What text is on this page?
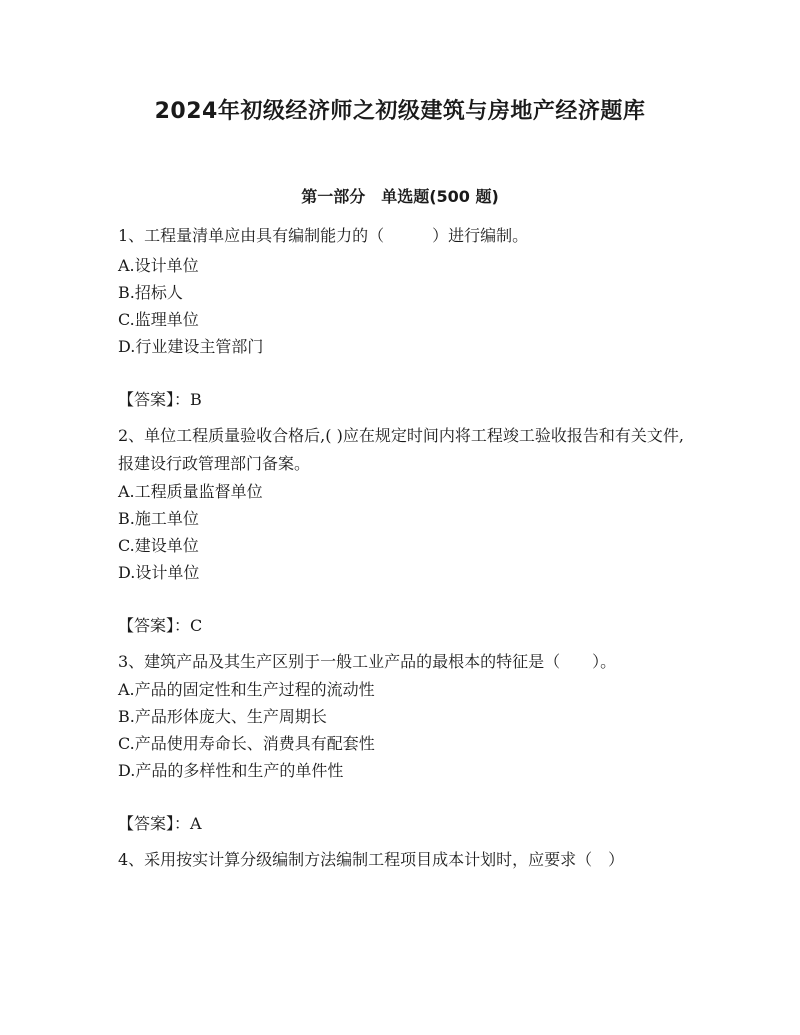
2024年初级经济师之初级建筑与房地产经济题库
第一部分　单选题(500 题)

1、工程量清单应由具有编制能力的（　　　）进行编制。

A.设计单位

B.招标人

C.监理单位

D.行业建设主管部门

【答案】：B

2、单位工程质量验收合格后,( )应在规定时间内将工程竣工验收报告和有关文件,报建设行政管理部门备案。

A.工程质量监督单位

B.施工单位

C.建设单位

D.设计单位

【答案】：C

3、建筑产品及其生产区别于一般工业产品的最根本的特征是（　　）。

A.产品的固定性和生产过程的流动性

B.产品形体庞大、生产周期长

C.产品使用寿命长、消费具有配套性

D.产品的多样性和生产的单件性

【答案】：A

4、采用按实计算分级编制方法编制工程项目成本计划时，应要求（　）
